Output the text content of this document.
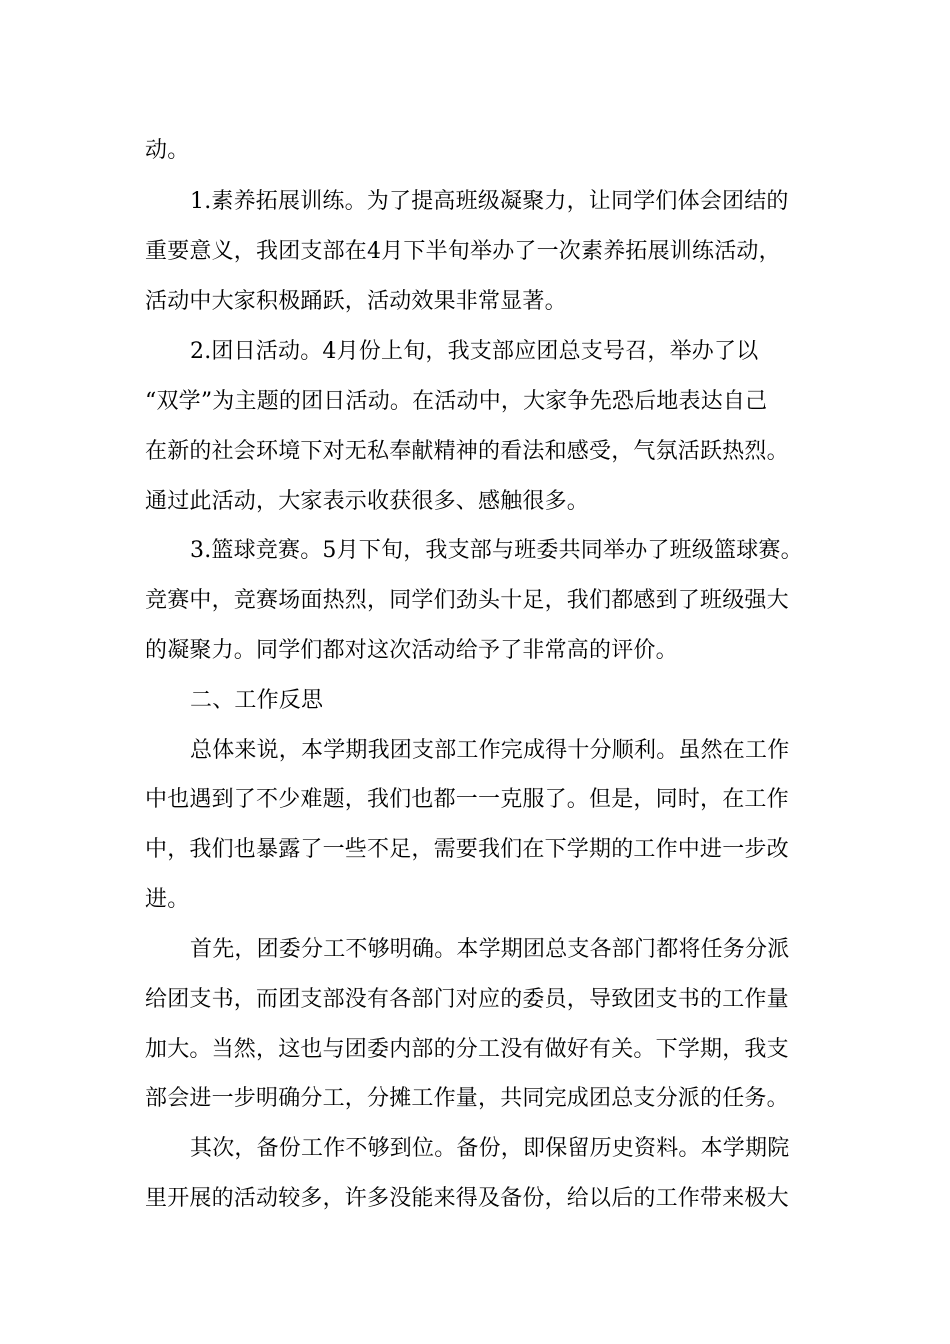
动。

1.素养拓展训练。为了提高班级凝聚力，让同学们体会团结的

重要意义，我团支部在4月下半旬举办了一次素养拓展训练活动，

活动中大家积极踊跃，活动效果非常显著。

2.团日活动。4月份上旬，我支部应团总支号召，举办了以

“双学”为主题的团日活动。在活动中，大家争先恐后地表达自己

在新的社会环境下对无私奉献精神的看法和感受，气氛活跃热烈。

通过此活动，大家表示收获很多、感触很多。

3.篮球竞赛。5月下旬，我支部与班委共同举办了班级篮球赛。

竞赛中，竞赛场面热烈，同学们劲头十足，我们都感到了班级强大

的凝聚力。同学们都对这次活动给予了非常高的评价。

二、工作反思

总体来说，本学期我团支部工作完成得十分顺利。虽然在工作

中也遇到了不少难题，我们也都一一克服了。但是，同时，在工作

中，我们也暴露了一些不足，需要我们在下学期的工作中进一步改

进。

首先，团委分工不够明确。本学期团总支各部门都将任务分派

给团支书，而团支部没有各部门对应的委员，导致团支书的工作量

加大。当然，这也与团委内部的分工没有做好有关。下学期，我支

部会进一步明确分工，分摊工作量，共同完成团总支分派的任务。

其次，备份工作不够到位。备份，即保留历史资料。本学期院

里开展的活动较多，许多没能来得及备份，给以后的工作带来极大
